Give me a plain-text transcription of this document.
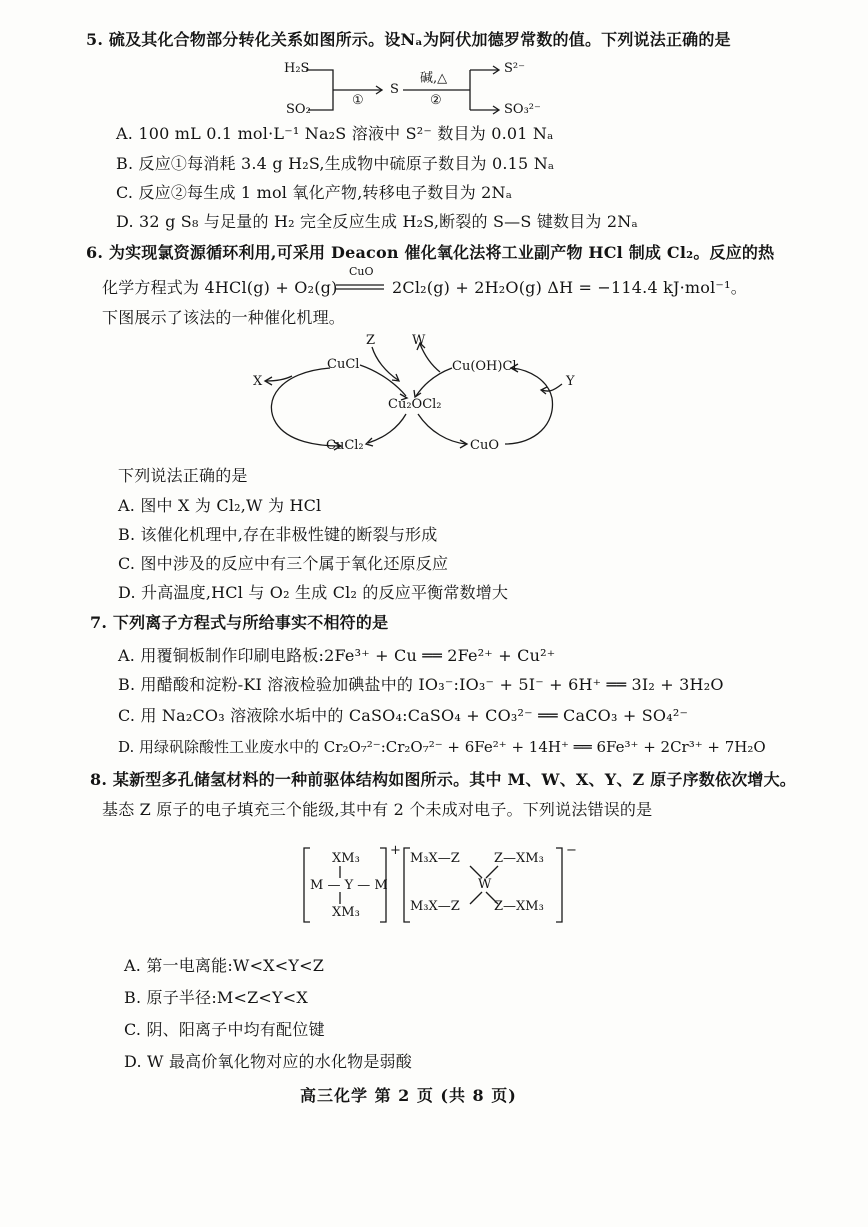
5. 硫及其化合物部分转化关系如图所示。设Nₐ为阿伏加德罗常数的值。下列说法正确的是
H₂S
SO₂
①
S
碱,△
②
S²⁻
SO₃²⁻
A. 100 mL 0.1 mol·L⁻¹ Na₂S 溶液中 S²⁻ 数目为 0.01 Nₐ
B. 反应①每消耗 3.4 g H₂S,生成物中硫原子数目为 0.15 Nₐ
C. 反应②每生成 1 mol 氧化产物,转移电子数目为 2Nₐ
D. 32 g S₈ 与足量的 H₂ 完全反应生成 H₂S,断裂的 S—S 键数目为 2Nₐ
6. 为实现氯资源循环利用,可采用 Deacon 催化氧化法将工业副产物 HCl 制成 Cl₂。反应的热
化学方程式为 4HCl(g) + O₂(g)
CuO
2Cl₂(g) + 2H₂O(g) ΔH = −114.4 kJ·mol⁻¹。
下图展示了该法的一种催化机理。
CuCl	Cu(OH)Cl
Cu₂OCl₂
CuCl₂	CuO
X	Y
Z	W
下列说法正确的是
A. 图中 X 为 Cl₂,W 为 HCl
B. 该催化机理中,存在非极性键的断裂与形成
C. 图中涉及的反应中有三个属于氧化还原反应
D. 升高温度,HCl 与 O₂ 生成 Cl₂ 的反应平衡常数增大
7. 下列离子方程式与所给事实不相符的是
A. 用覆铜板制作印刷电路板:2Fe³⁺ + Cu ══ 2Fe²⁺ + Cu²⁺
B. 用醋酸和淀粉-KI 溶液检验加碘盐中的 IO₃⁻:IO₃⁻ + 5I⁻ + 6H⁺ ══ 3I₂ + 3H₂O
C. 用 Na₂CO₃ 溶液除水垢中的 CaSO₄:CaSO₄ + CO₃²⁻ ══ CaCO₃ + SO₄²⁻
D. 用绿矾除酸性工业废水中的 Cr₂O₇²⁻:Cr₂O₇²⁻ + 6Fe²⁺ + 14H⁺ ══ 6Fe³⁺ + 2Cr³⁺ + 7H₂O
8. 某新型多孔储氢材料的一种前驱体结构如图所示。其中 M、W、X、Y、Z 原子序数依次增大。
基态 Z 原子的电子填充三个能级,其中有 2 个未成对电子。下列说法错误的是
XM₃
M — Y — M
XM₃
+
M₃X—Z	Z—XM₃
W
M₃X—Z	Z—XM₃
−
A. 第一电离能:W<X<Y<Z
B. 原子半径:M<Z<Y<X
C. 阴、阳离子中均有配位键
D. W 最高价氧化物对应的水化物是弱酸
高三化学 第 2 页 (共 8 页)
